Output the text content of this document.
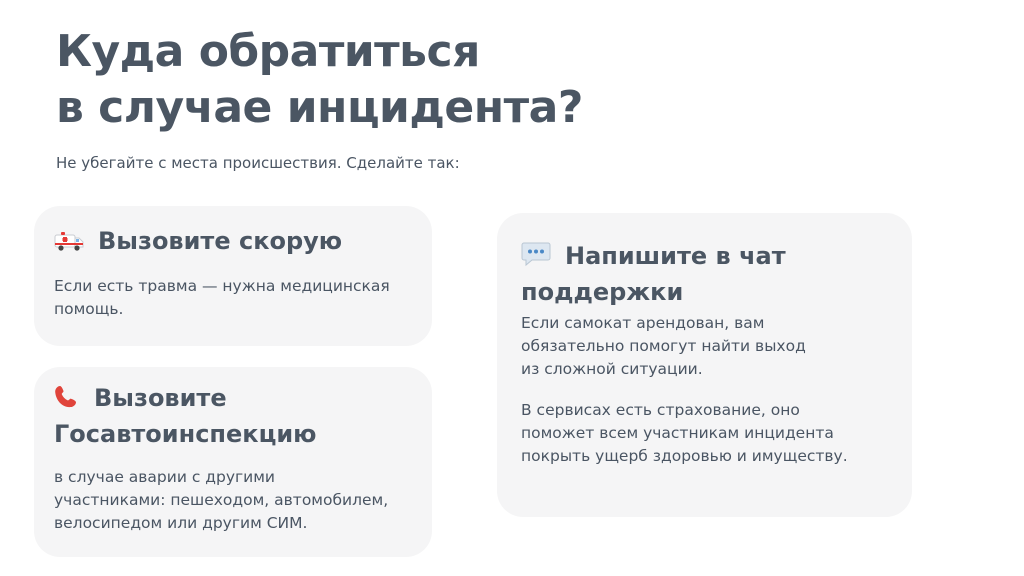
Куда обратиться
в случае инцидента?
Не убегайте с места происшествия. Сделайте так:
Вызовите скорую

Если есть травма — нужна медицинская
помощь.

Вызовите
Госавтоинспекцию

в случае аварии с другими
участниками: пешеходом, автомобилем,
велосипедом или другим СИМ.

Напишите в чат
поддержки

Если самокат арендован, вам
обязательно помогут найти выход
из сложной ситуации.

В сервисах есть страхование, оно
поможет всем участникам инцидента
покрыть ущерб здоровью и имуществу.
